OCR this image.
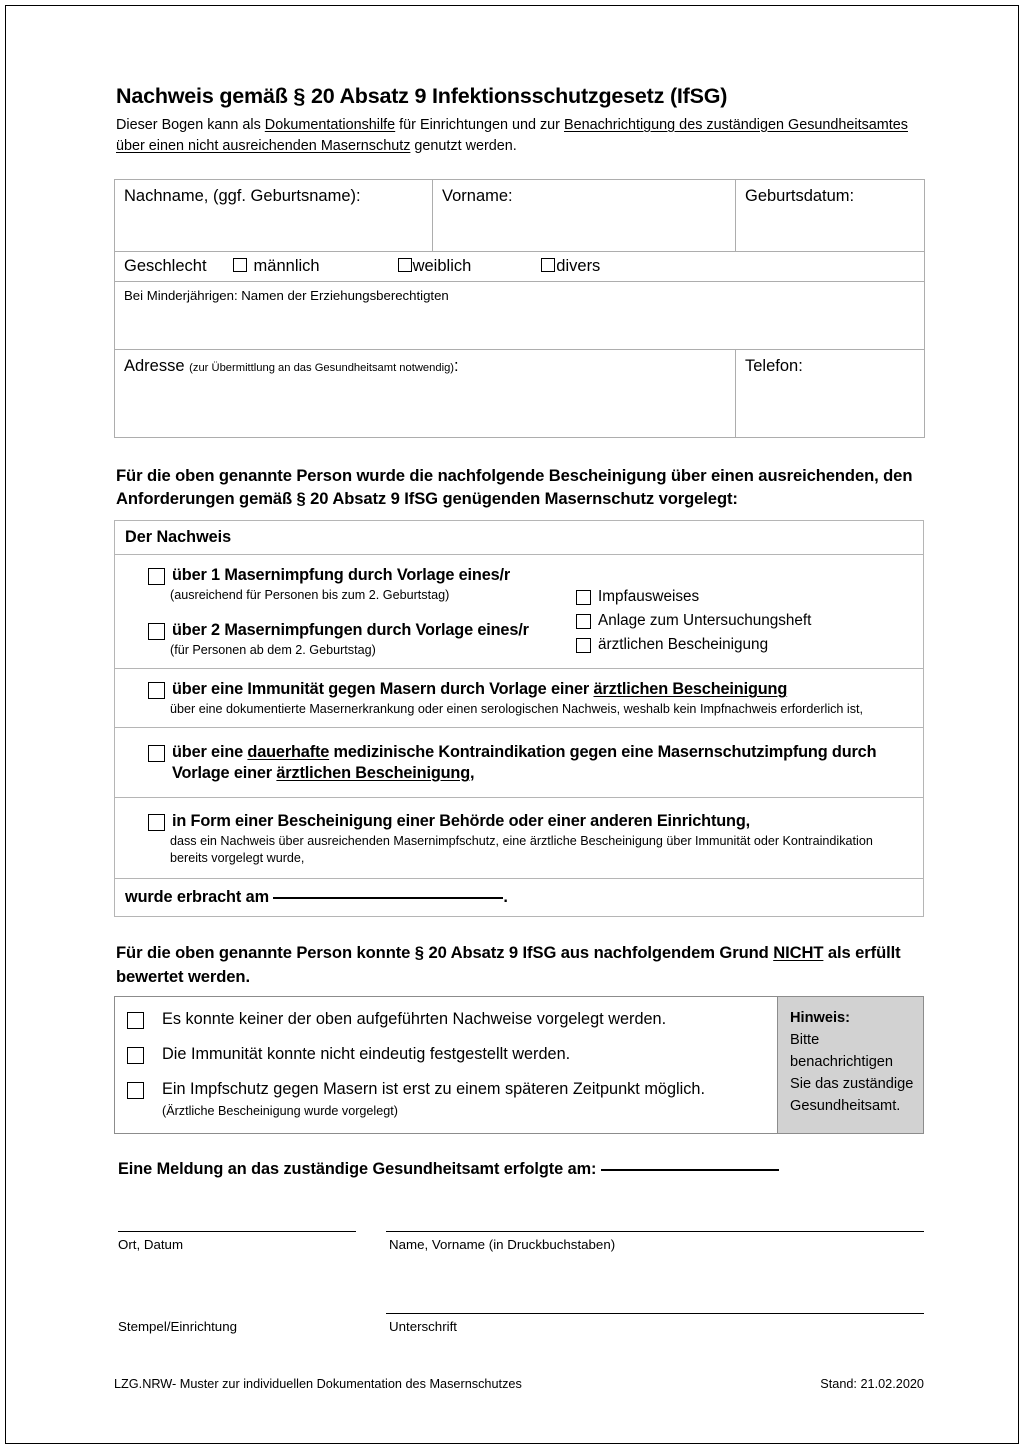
Nachweis gemäß § 20 Absatz 9 Infektionsschutzgesetz (IfSG)

Dieser Bogen kann als Dokumentationshilfe für Einrichtungen und zur Benachrichtigung des zuständigen Gesundheitsamtes über einen nicht ausreichenden Masernschutz genutzt werden.

Nachname, (ggf. Geburtsname):	Vorname:	Geburtsdatum:

Geschlecht männlich weiblich divers		

Bei Minderjährigen: Namen der Erziehungsberechtigten		

Adresse (zur Übermittlung an das Gesundheitsamt notwendig):		Telefon:

Für die oben genannte Person wurde die nachfolgende Bescheinigung über einen ausreichenden, den Anforderungen gemäß § 20 Absatz 9 IfSG genügenden Masernschutz vorgelegt:

Der Nachweis

über 1 Masernimpfung durch Vorlage eines/r
(ausreichend für Personen bis zum 2. Geburtstag)
über 2 Masernimpfungen durch Vorlage eines/r
(für Personen ab dem 2. Geburtstag)
Impfausweises
Anlage zum Untersuchungsheft
ärztlichen Bescheinigung

über eine Immunität gegen Masern durch Vorlage einer ärztlichen Bescheinigung
über eine dokumentierte Masernerkrankung oder einen serologischen Nachweis, weshalb kein Impfnachweis erforderlich ist,

über eine dauerhafte medizinische Kontraindikation gegen eine Masernschutzimpfung durch Vorlage einer ärztlichen Bescheinigung,

in Form einer Bescheinigung einer Behörde oder einer anderen Einrichtung,
dass ein Nachweis über ausreichenden Masernimpfschutz, eine ärztliche Bescheinigung über Immunität oder Kontraindikation bereits vorgelegt wurde,

wurde erbracht am	.

Für die oben genannte Person konnte § 20 Absatz 9 IfSG aus nachfolgendem Grund NICHT als erfüllt bewertet werden.

Es konnte keiner der oben aufgeführten Nachweise vorgelegt werden.
Die Immunität konnte nicht eindeutig festgestellt werden.
Ein Impfschutz gegen Masern ist erst zu einem späteren Zeitpunkt möglich.
(Ärztliche Bescheinigung wurde vorgelegt)

Hinweis:
Bitte benachrichtigen Sie das zuständige Gesundheitsamt.

Eine Meldung an das zuständige Gesundheitsamt erfolgte am:

Ort, Datum	Name, Vorname (in Druckbuchstaben)
Stempel/Einrichtung	Unterschrift
LZG.NRW- Muster zur individuellen Dokumentation des Masernschutzes	Stand: 21.02.2020
